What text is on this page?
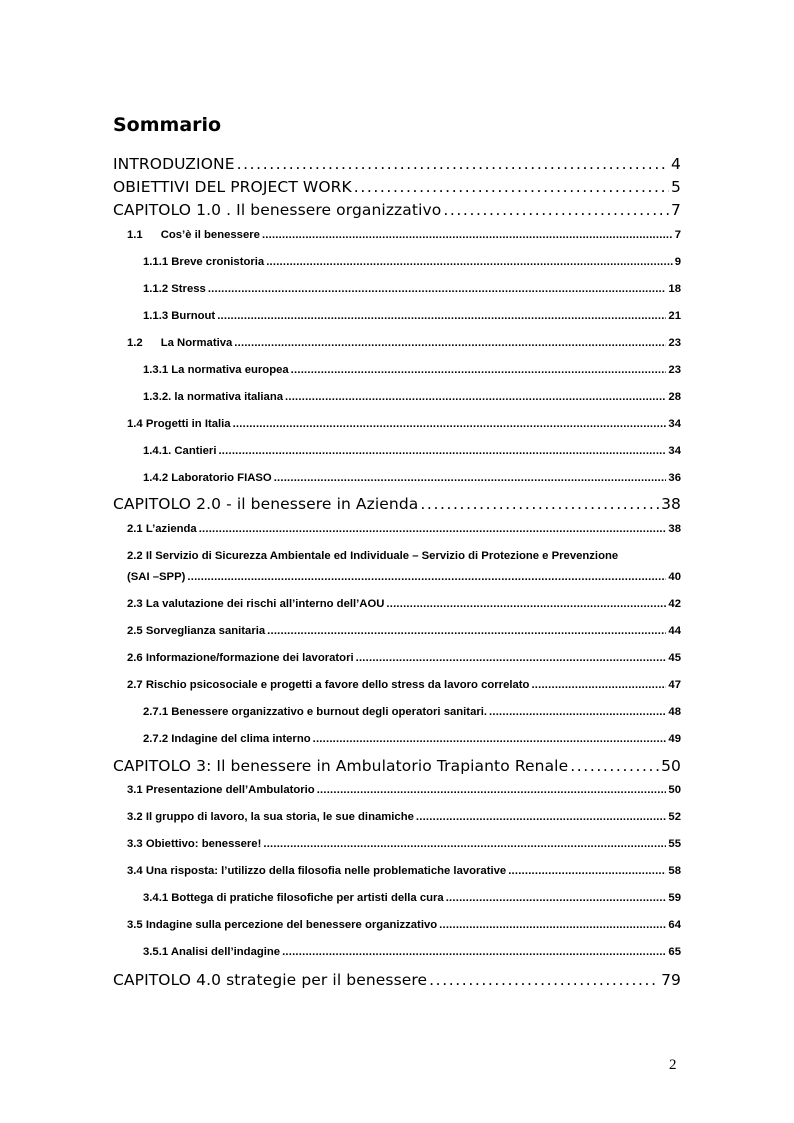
Sommario
INTRODUZIONE .....	4
OBIETTIVI DEL PROJECT WORK .....	5
CAPITOLO 1.0 . Il benessere organizzativo .....	7
1.1 Cos’è il benessere .....	7
1.1.1 Breve cronistoria .....	9
1.1.2 Stress .....	18
1.1.3 Burnout .....	21
1.2 La Normativa .....	23
1.3.1 La normativa europea .....	23
1.3.2. la normativa italiana .....	28
1.4 Progetti in Italia .....	34
1.4.1. Cantieri .....	34
1.4.2 Laboratorio FIASO .....	36
CAPITOLO 2.0 - il benessere in Azienda .....	38
2.1 L’azienda .....	38
2.2 Il Servizio di Sicurezza Ambientale ed Individuale – Servizio di Protezione e Prevenzione
(SAI –SPP) .....	40
2.3 La valutazione dei rischi all’interno dell’AOU .....	42
2.5 Sorveglianza sanitaria .....	44
2.6 Informazione/formazione dei lavoratori .....	45
2.7 Rischio psicosociale e progetti a favore dello stress da lavoro correlato .....	47
2.7.1 Benessere organizzativo e burnout degli operatori sanitari. .....	48
2.7.2 Indagine del clima interno .....	49
CAPITOLO 3: Il benessere in Ambulatorio Trapianto Renale .....	50
3.1 Presentazione dell’Ambulatorio .....	50
3.2 Il gruppo di lavoro, la sua storia, le sue dinamiche .....	52
3.3 Obiettivo: benessere! .....	55
3.4 Una risposta: l’utilizzo della filosofia nelle problematiche lavorative .....	58
3.4.1 Bottega di pratiche filosofiche per artisti della cura .....	59
3.5 Indagine sulla percezione del benessere organizzativo .....	64
3.5.1 Analisi dell’indagine .....	65
CAPITOLO 4.0 strategie per il benessere .....	79
2
